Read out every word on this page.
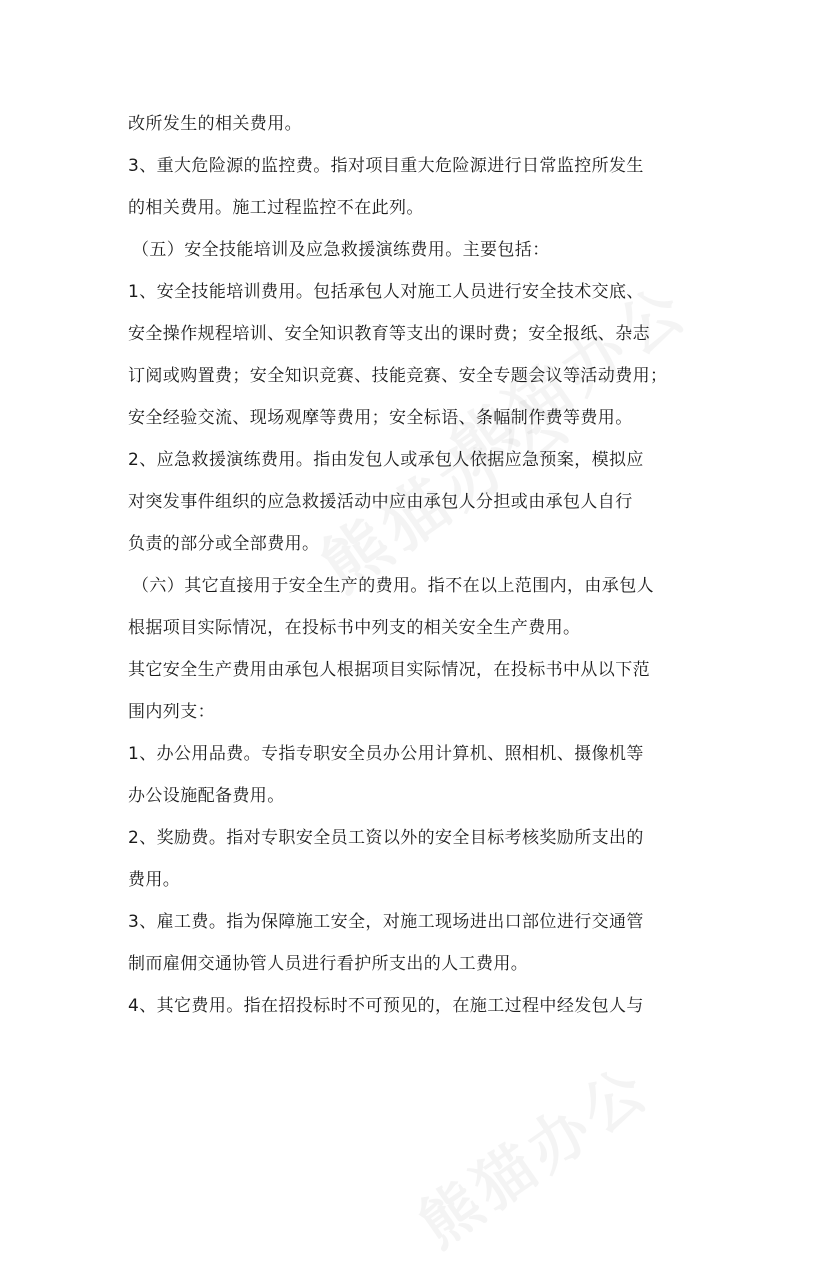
改所发生的相关费用。
3、重大危险源的监控费。指对项目重大危险源进行日常监控所发生
的相关费用。施工过程监控不在此列。
（五）安全技能培训及应急救援演练费用。主要包括：
1、安全技能培训费用。包括承包人对施工人员进行安全技术交底、
安全操作规程培训、安全知识教育等支出的课时费；安全报纸、杂志
订阅或购置费；安全知识竞赛、技能竞赛、安全专题会议等活动费用；
安全经验交流、现场观摩等费用；安全标语、条幅制作费等费用。
2、应急救援演练费用。指由发包人或承包人依据应急预案，模拟应
对突发事件组织的应急救援活动中应由承包人分担或由承包人自行
负责的部分或全部费用。
（六）其它直接用于安全生产的费用。指不在以上范围内，由承包人
根据项目实际情况，在投标书中列支的相关安全生产费用。
其它安全生产费用由承包人根据项目实际情况，在投标书中从以下范
围内列支：
1、办公用品费。专指专职安全员办公用计算机、照相机、摄像机等
办公设施配备费用。
2、奖励费。指对专职安全员工资以外的安全目标考核奖励所支出的
费用。
3、雇工费。指为保障施工安全，对施工现场进出口部位进行交通管
制而雇佣交通协管人员进行看护所支出的人工费用。
4、其它费用。指在招投标时不可预见的，在施工过程中经发包人与
